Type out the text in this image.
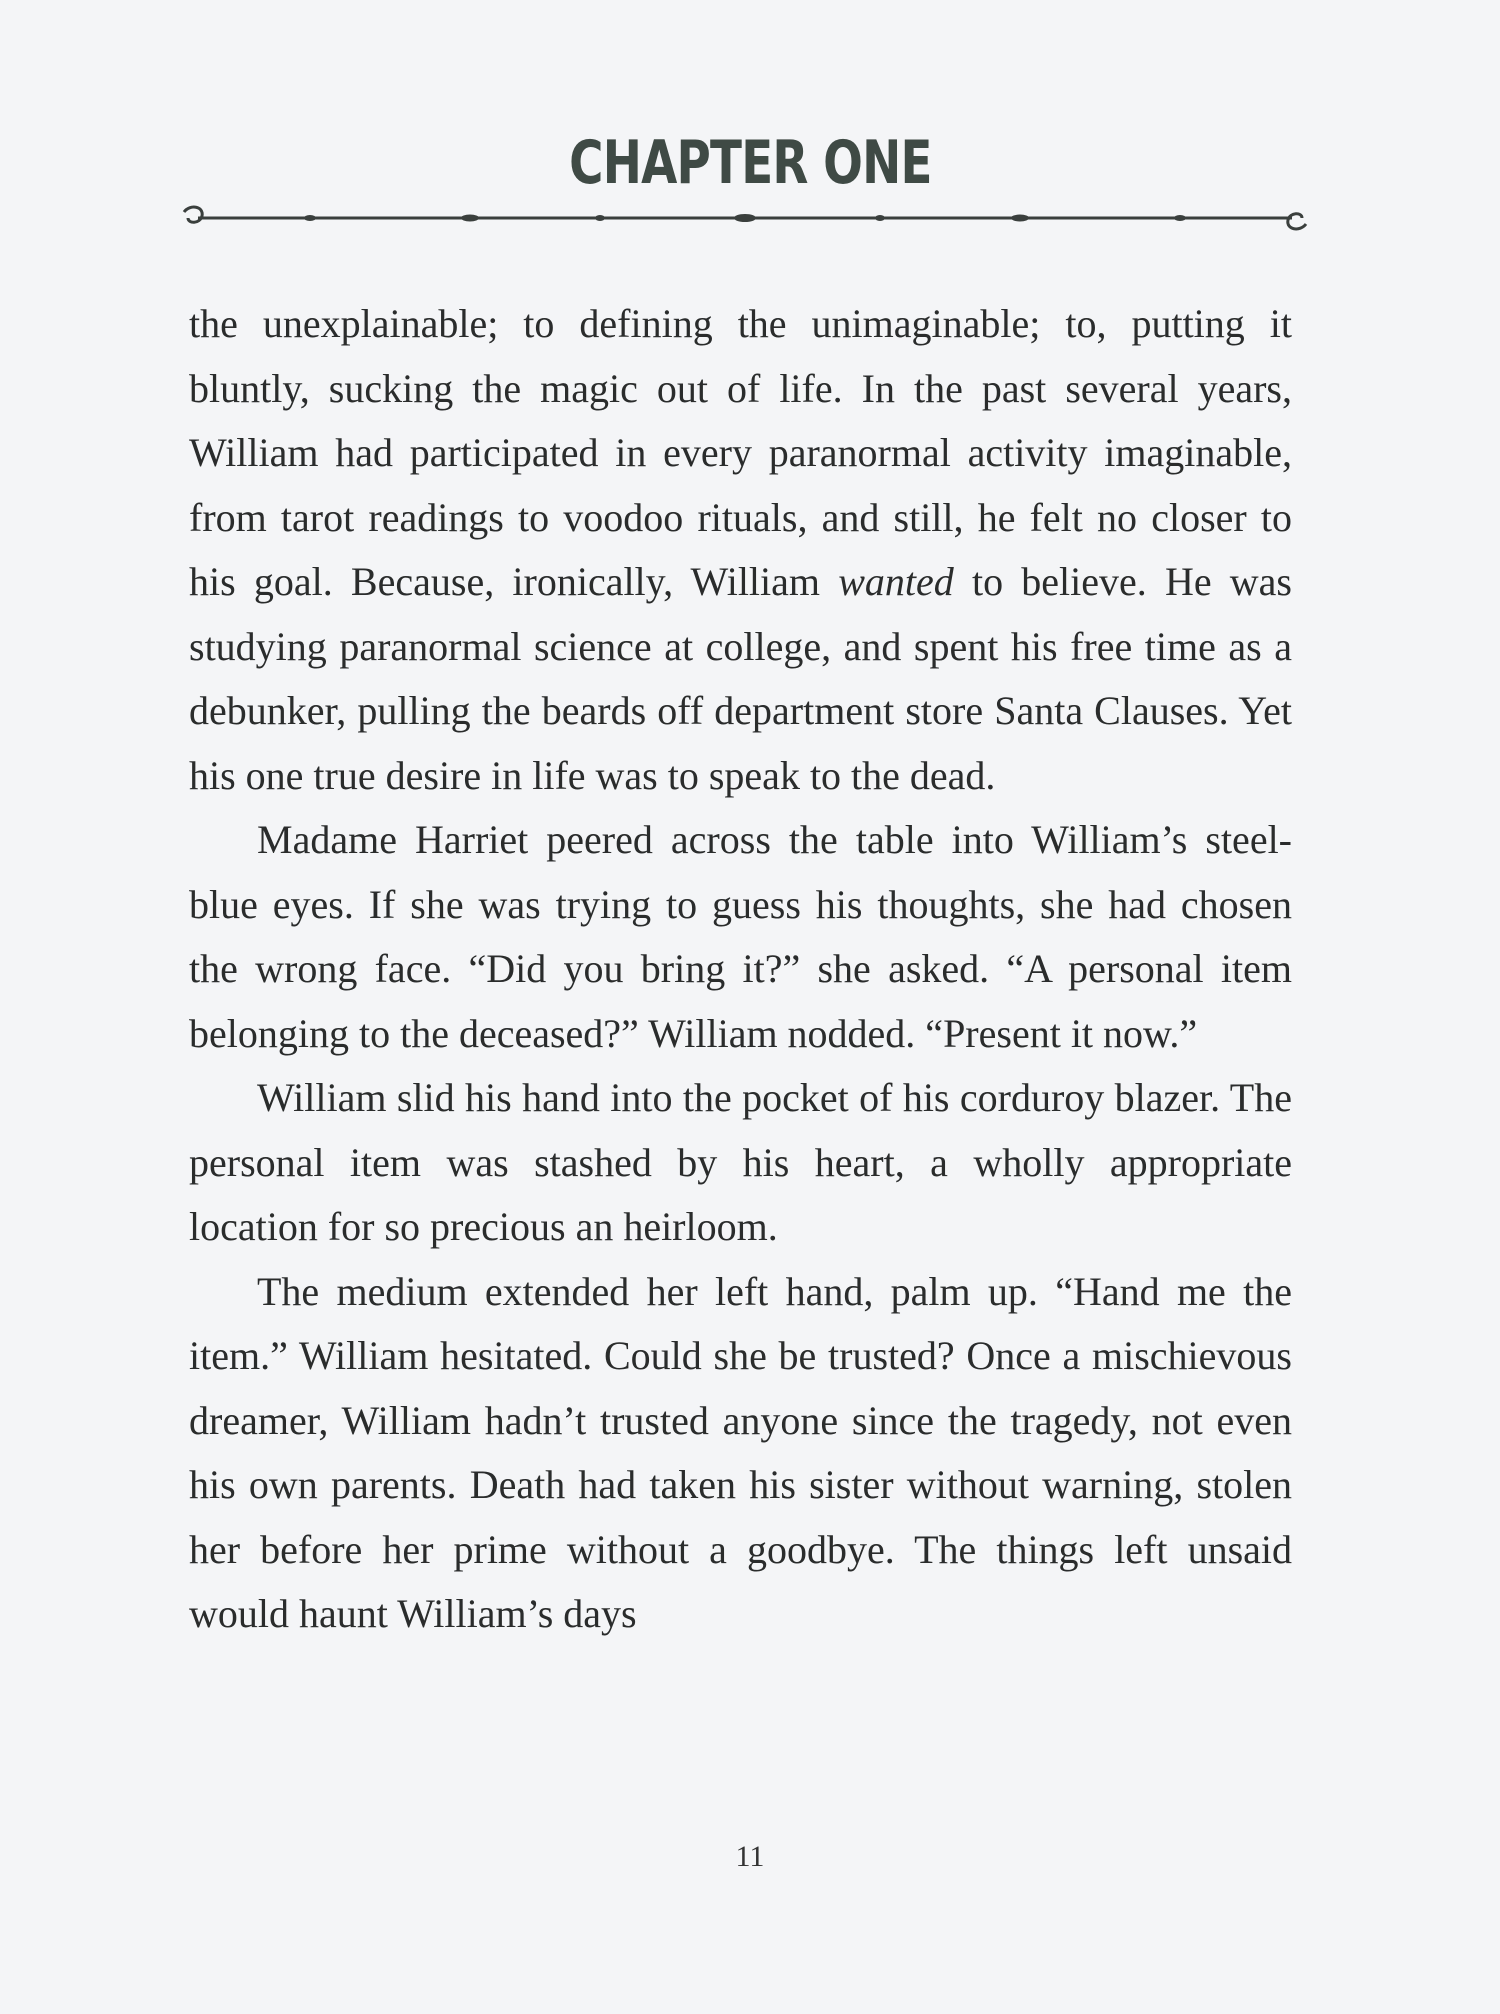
CHAPTER ONE

the unexplainable; to defining the unimaginable; to, putting it bluntly, sucking the magic out of life. In the past several years, William had participated in every paranormal activity imaginable, from tarot readings to voodoo rituals, and still, he felt no closer to his goal. Because, ironically, William wanted to believe. He was studying paranormal science at college, and spent his free time as a debunker, pulling the beards off department store Santa Clauses. Yet his one true desire in life was to speak to the dead.

Madame Harriet peered across the table into William’s steel-blue eyes. If she was trying to guess his thoughts, she had chosen the wrong face. “Did you bring it?” she asked. “A personal item belonging to the deceased?” William nodded. “Present it now.”

William slid his hand into the pocket of his corduroy blazer. The personal item was stashed by his heart, a wholly appropriate location for so precious an heirloom.

The medium extended her left hand, palm up. “Hand me the item.” William hesitated. Could she be trusted? Once a mischievous dreamer, William hadn’t trusted anyone since the tragedy, not even his own parents. Death had taken his sister without warning, stolen her before her prime without a goodbye. The things left unsaid would haunt William’s days

11
